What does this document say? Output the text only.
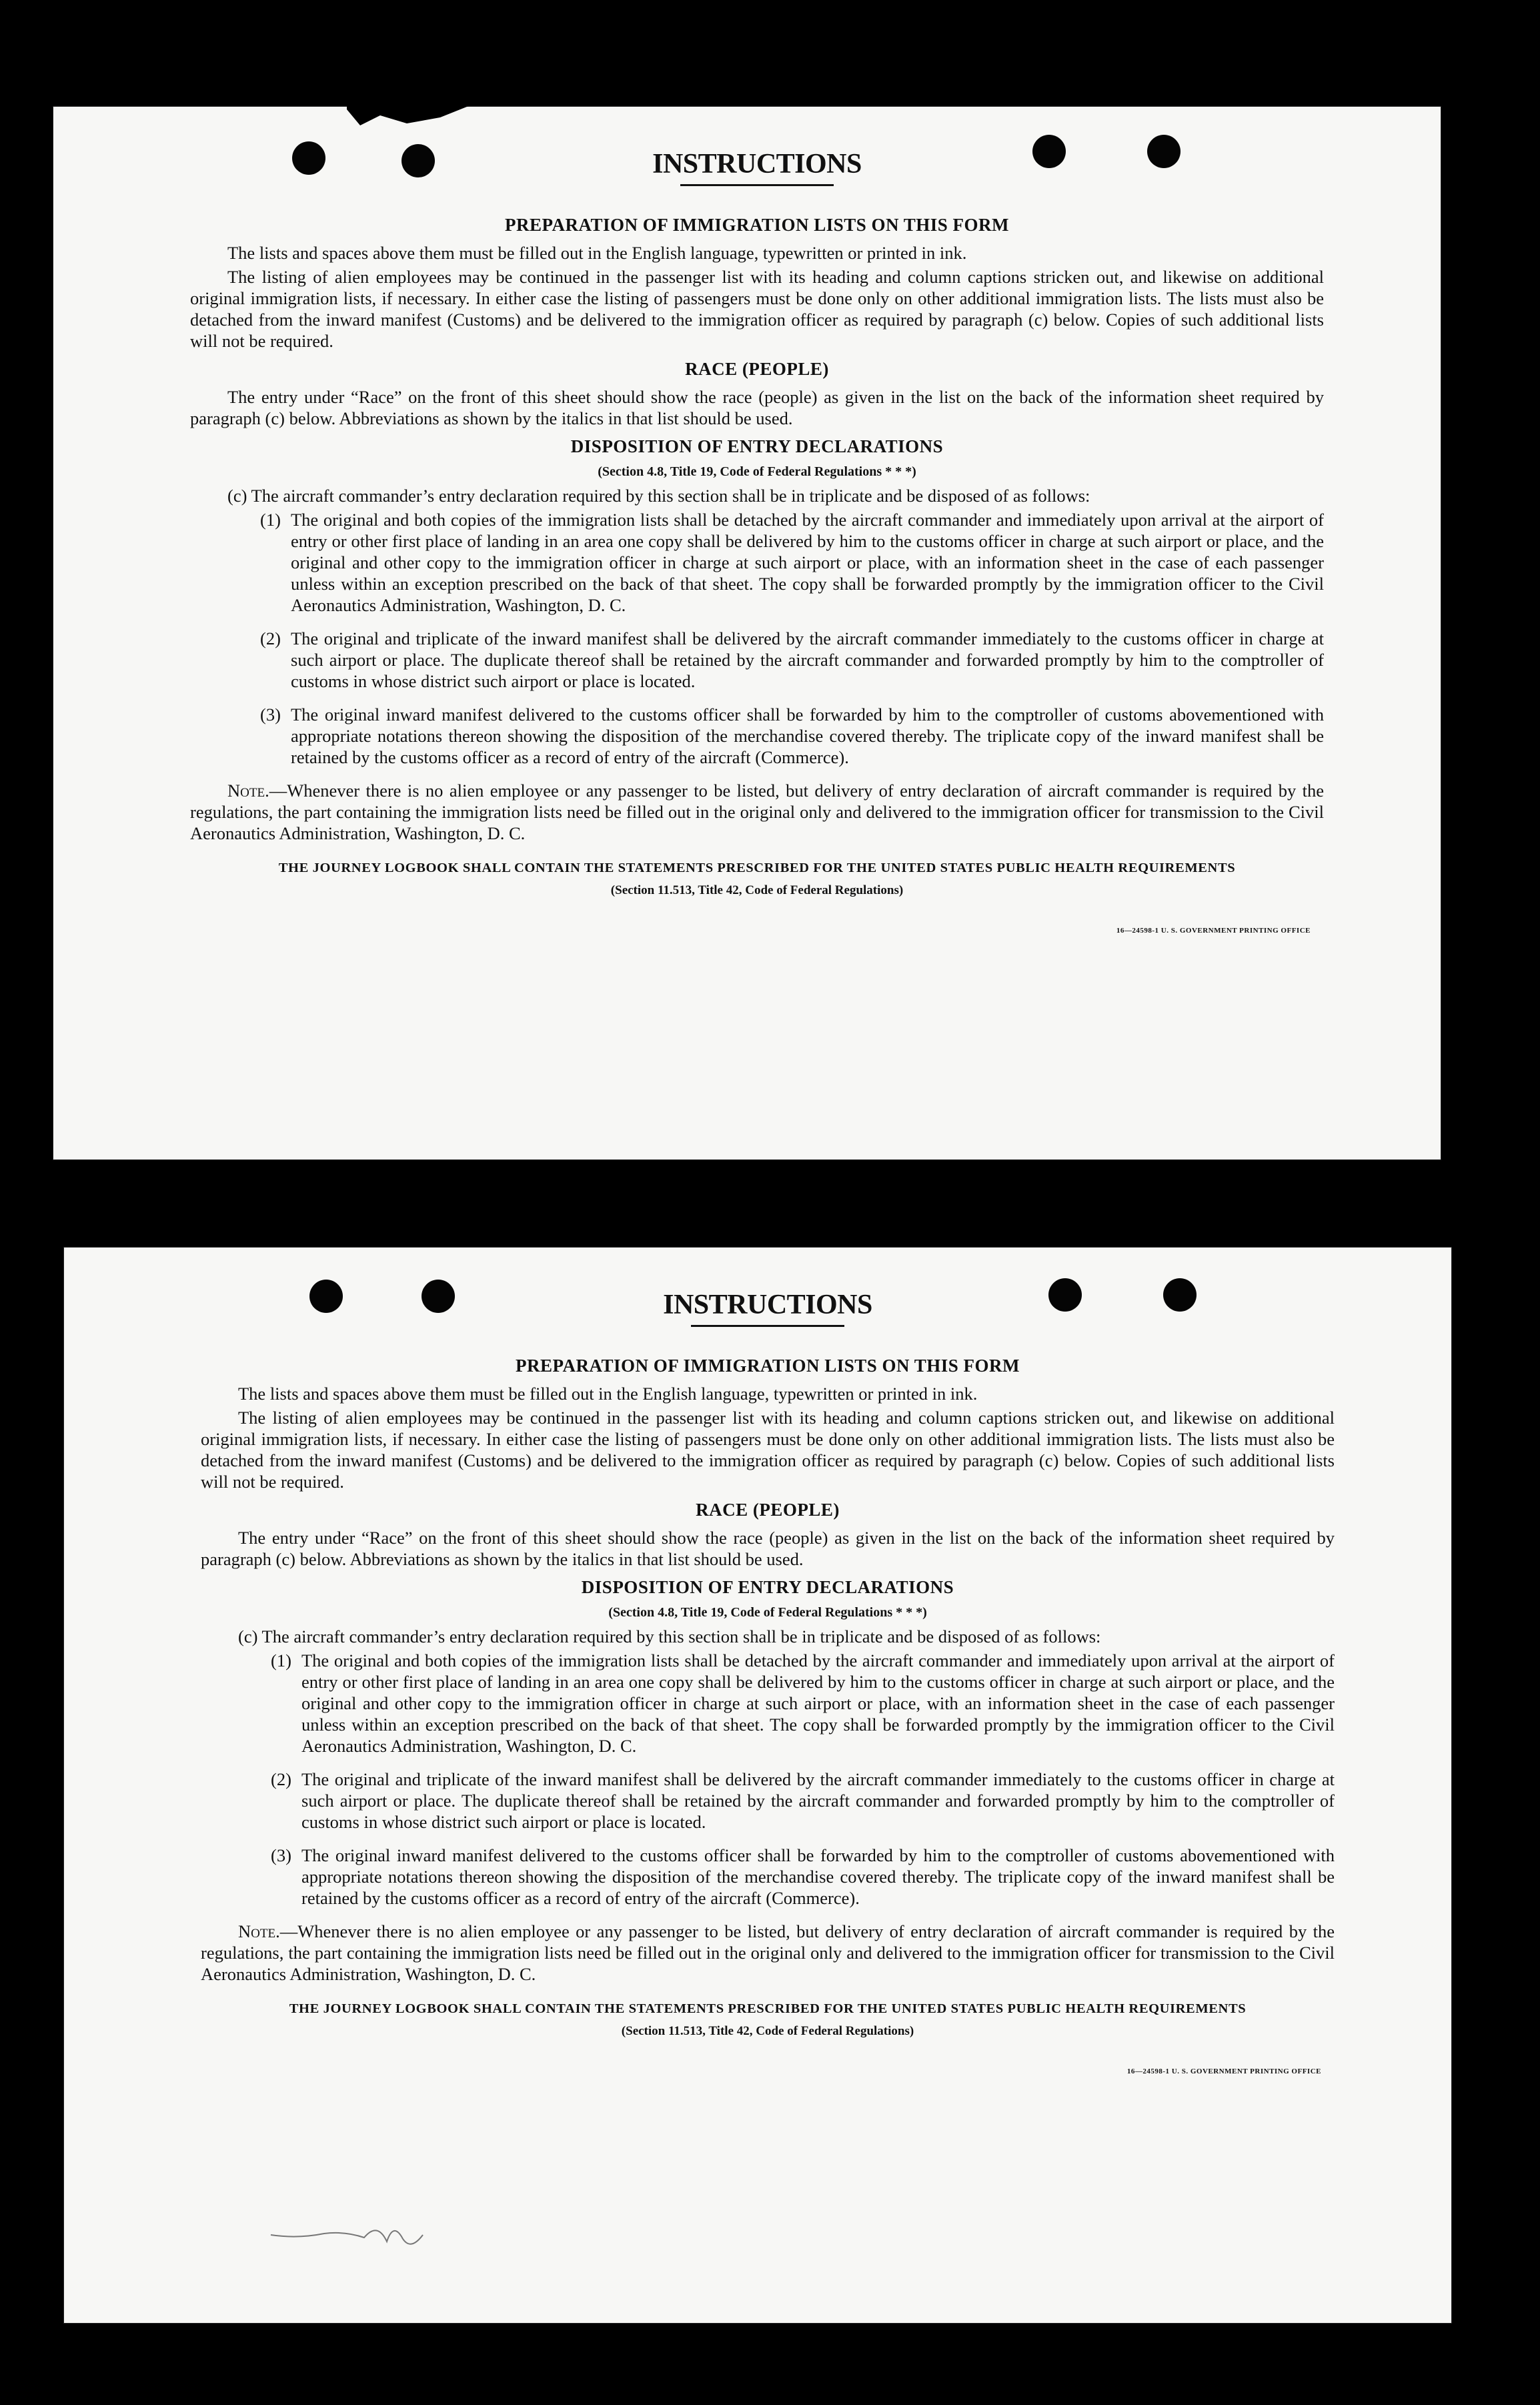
INSTRUCTIONS
PREPARATION OF IMMIGRATION LISTS ON THIS FORM

The lists and spaces above them must be filled out in the English language, typewritten or printed in ink.

The listing of alien employees may be continued in the passenger list with its heading and column captions stricken out, and likewise on additional original immigration lists, if necessary. In either case the listing of passengers must be done only on other additional immigration lists. The lists must also be detached from the inward manifest (Customs) and be delivered to the immigration officer as required by paragraph (c) below. Copies of such additional lists will not be required.

RACE (PEOPLE)

The entry under “Race” on the front of this sheet should show the race (people) as given in the list on the back of the information sheet required by paragraph (c) below. Abbreviations as shown by the italics in that list should be used.

DISPOSITION OF ENTRY DECLARATIONS
(Section 4.8, Title 19, Code of Federal Regulations * * *)

(c) The aircraft commander’s entry declaration required by this section shall be in triplicate and be disposed of as follows:

(1) The original and both copies of the immigration lists shall be detached by the aircraft commander and immediately upon arrival at the airport of entry or other first place of landing in an area one copy shall be delivered by him to the customs officer in charge at such airport or place, and the original and other copy to the immigration officer in charge at such airport or place, with an information sheet in the case of each passenger unless within an exception prescribed on the back of that sheet. The copy shall be forwarded promptly by the immigration officer to the Civil Aeronautics Administration, Washington, D. C.
(2) The original and triplicate of the inward manifest shall be delivered by the aircraft commander immediately to the customs officer in charge at such airport or place. The duplicate thereof shall be retained by the aircraft commander and forwarded promptly by him to the comptroller of customs in whose district such airport or place is located.
(3) The original inward manifest delivered to the customs officer shall be forwarded by him to the comptroller of customs abovementioned with appropriate notations thereon showing the disposition of the merchandise covered thereby. The triplicate copy of the inward manifest shall be retained by the customs officer as a record of entry of the aircraft (Commerce).

Note.—Whenever there is no alien employee or any passenger to be listed, but delivery of entry declaration of aircraft commander is required by the regulations, the part containing the immigration lists need be filled out in the original only and delivered to the immigration officer for transmission to the Civil Aeronautics Administration, Washington, D. C.

THE JOURNEY LOGBOOK SHALL CONTAIN THE STATEMENTS PRESCRIBED FOR THE UNITED STATES PUBLIC HEALTH REQUIREMENTS
(Section 11.513, Title 42, Code of Federal Regulations)
16—24598-1 U. S. GOVERNMENT PRINTING OFFICE
INSTRUCTIONS
PREPARATION OF IMMIGRATION LISTS ON THIS FORM

The lists and spaces above them must be filled out in the English language, typewritten or printed in ink.

The listing of alien employees may be continued in the passenger list with its heading and column captions stricken out, and likewise on additional original immigration lists, if necessary. In either case the listing of passengers must be done only on other additional immigration lists. The lists must also be detached from the inward manifest (Customs) and be delivered to the immigration officer as required by paragraph (c) below. Copies of such additional lists will not be required.

RACE (PEOPLE)

The entry under “Race” on the front of this sheet should show the race (people) as given in the list on the back of the information sheet required by paragraph (c) below. Abbreviations as shown by the italics in that list should be used.

DISPOSITION OF ENTRY DECLARATIONS
(Section 4.8, Title 19, Code of Federal Regulations * * *)

(c) The aircraft commander’s entry declaration required by this section shall be in triplicate and be disposed of as follows:

(1) The original and both copies of the immigration lists shall be detached by the aircraft commander and immediately upon arrival at the airport of entry or other first place of landing in an area one copy shall be delivered by him to the customs officer in charge at such airport or place, and the original and other copy to the immigration officer in charge at such airport or place, with an information sheet in the case of each passenger unless within an exception prescribed on the back of that sheet. The copy shall be forwarded promptly by the immigration officer to the Civil Aeronautics Administration, Washington, D. C.
(2) The original and triplicate of the inward manifest shall be delivered by the aircraft commander immediately to the customs officer in charge at such airport or place. The duplicate thereof shall be retained by the aircraft commander and forwarded promptly by him to the comptroller of customs in whose district such airport or place is located.
(3) The original inward manifest delivered to the customs officer shall be forwarded by him to the comptroller of customs abovementioned with appropriate notations thereon showing the disposition of the merchandise covered thereby. The triplicate copy of the inward manifest shall be retained by the customs officer as a record of entry of the aircraft (Commerce).

Note.—Whenever there is no alien employee or any passenger to be listed, but delivery of entry declaration of aircraft commander is required by the regulations, the part containing the immigration lists need be filled out in the original only and delivered to the immigration officer for transmission to the Civil Aeronautics Administration, Washington, D. C.

THE JOURNEY LOGBOOK SHALL CONTAIN THE STATEMENTS PRESCRIBED FOR THE UNITED STATES PUBLIC HEALTH REQUIREMENTS
(Section 11.513, Title 42, Code of Federal Regulations)
16—24598-1 U. S. GOVERNMENT PRINTING OFFICE
